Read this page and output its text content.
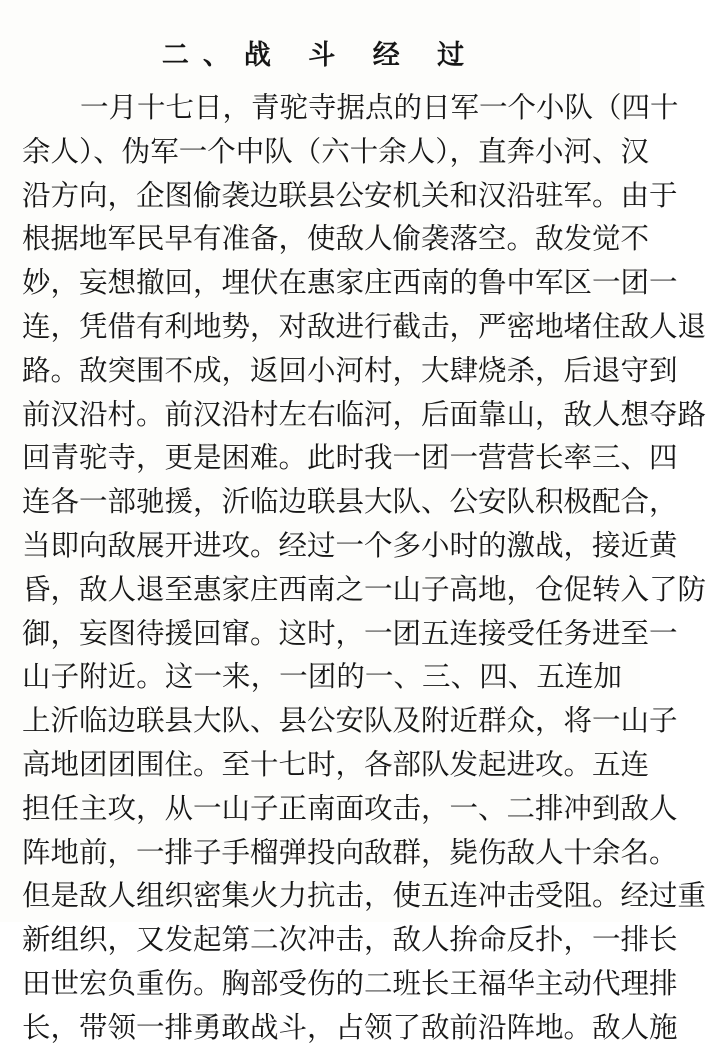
二、战 斗 经 过
一月十七日，青驼寺据点的日军一个小队（四十
余人）、伪军一个中队（六十余人），直奔小河、汉
沿方向，企图偷袭边联县公安机关和汉沿驻军。由于
根据地军民早有准备，使敌人偷袭落空。敌发觉不
妙，妄想撤回，埋伏在惠家庄西南的鲁中军区一团一
连，凭借有利地势，对敌进行截击，严密地堵住敌人退
路。敌突围不成，返回小河村，大肆烧杀，后退守到
前汉沿村。前汉沿村左右临河，后面靠山，敌人想夺路
回青驼寺，更是困难。此时我一团一营营长率三、四
连各一部驰援，沂临边联县大队、公安队积极配合，
当即向敌展开进攻。经过一个多小时的激战，接近黄
昏，敌人退至惠家庄西南之一山子高地，仓促转入了防
御，妄图待援回窜。这时，一团五连接受任务进至一
山子附近。这一来，一团的一、三、四、五连加
上沂临边联县大队、县公安队及附近群众，将一山子
高地团团围住。至十七时，各部队发起进攻。五连
担任主攻，从一山子正南面攻击，一、二排冲到敌人
阵地前，一排子手榴弹投向敌群，毙伤敌人十余名。
但是敌人组织密集火力抗击，使五连冲击受阻。经过重
新组织，又发起第二次冲击，敌人拚命反扑，一排长
田世宏负重伤。胸部受伤的二班长王福华主动代理排
长，带领一排勇敢战斗，占领了敌前沿阵地。敌人施
